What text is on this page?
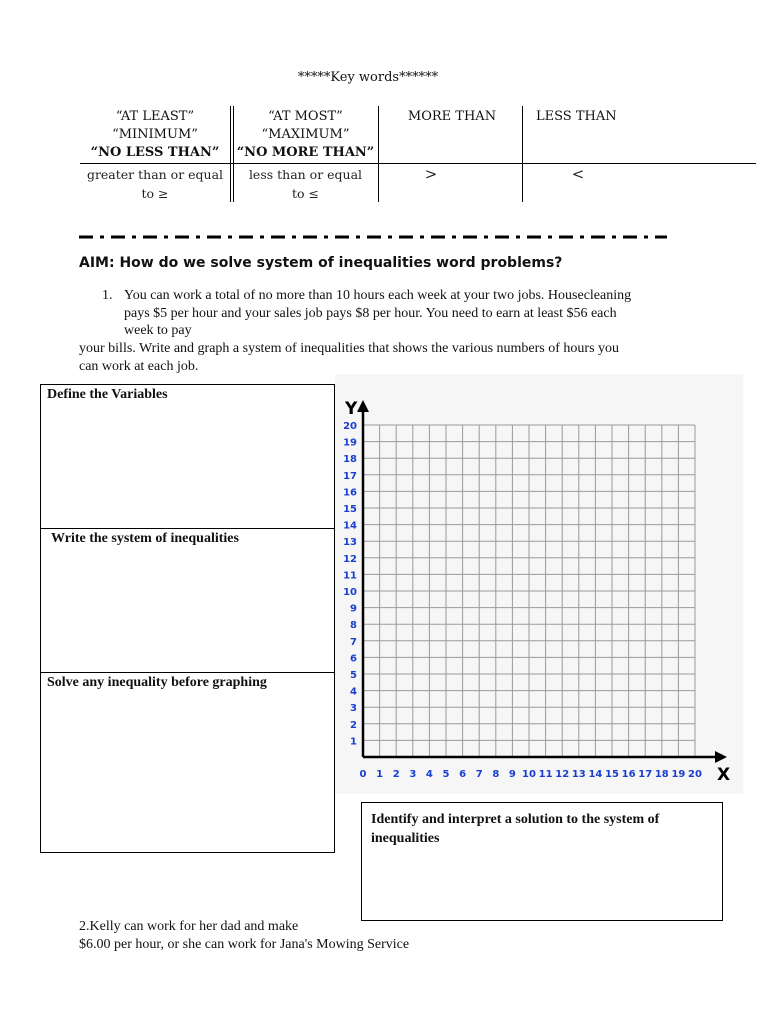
*****Key words******
“AT LEAST”
“MINIMUM”
“NO LESS THAN”
“AT MOST”
“MAXIMUM”
“NO MORE THAN”
MORE THAN	LESS THAN
greater than or equal
to ≥
less than or equal
to ≤
>	<
AIM: How do we solve system of inequalities word problems?
1. You can work a total of no more than 10 hours each week at your two jobs. Housecleaning
pays $5 per hour and your sales job pays $8 per hour. You need to earn at least $56 each
week to pay
your bills. Write and graph a system of inequalities that shows the various numbers of hours you
can work at each job.
Define the Variables
Write the system of inequalities
Solve any inequality before graphing
Y
X
0 1 2 3 4 5 6 7 8 9 10 11 12 13 14 15 16 17 18 19 20
1
2
3
4
5
6
7
8
9
10
11
12
13
14
15
16
17
18
19
20
Identify and interpret a solution to the system of
inequalities
2.Kelly can work for her dad and make
$6.00 per hour, or she can work for Jana's Mowing Service
